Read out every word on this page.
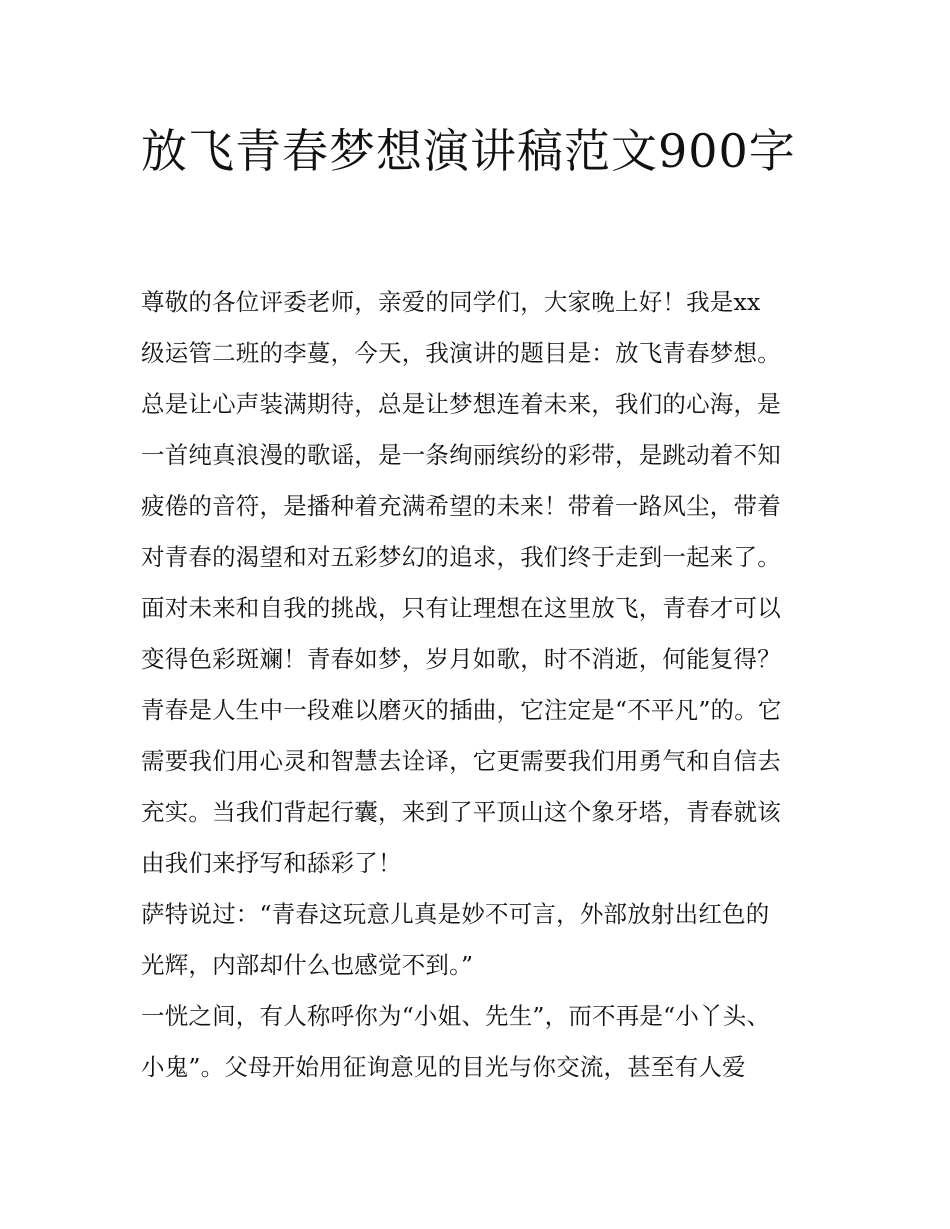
放飞青春梦想演讲稿范文900字
尊敬的各位评委老师，亲爱的同学们，大家晚上好！我是xx
级运管二班的李蔓，今天，我演讲的题目是：放飞青春梦想。
总是让心声装满期待，总是让梦想连着未来，我们的心海，是
一首纯真浪漫的歌谣，是一条绚丽缤纷的彩带，是跳动着不知
疲倦的音符，是播种着充满希望的未来！带着一路风尘，带着
对青春的渴望和对五彩梦幻的追求，我们终于走到一起来了。
面对未来和自我的挑战，只有让理想在这里放飞，青春才可以
变得色彩斑斓！青春如梦，岁月如歌，时不消逝，何能复得？
青春是人生中一段难以磨灭的插曲，它注定是“不平凡”的。它
需要我们用心灵和智慧去诠译，它更需要我们用勇气和自信去
充实。当我们背起行囊，来到了平顶山这个象牙塔，青春就该
由我们来抒写和舔彩了！
萨特说过：“青春这玩意儿真是妙不可言，外部放射出红色的
光辉，内部却什么也感觉不到。”
一恍之间，有人称呼你为“小姐、先生”，而不再是“小丫头、
小鬼”。父母开始用征询意见的目光与你交流，甚至有人爱
